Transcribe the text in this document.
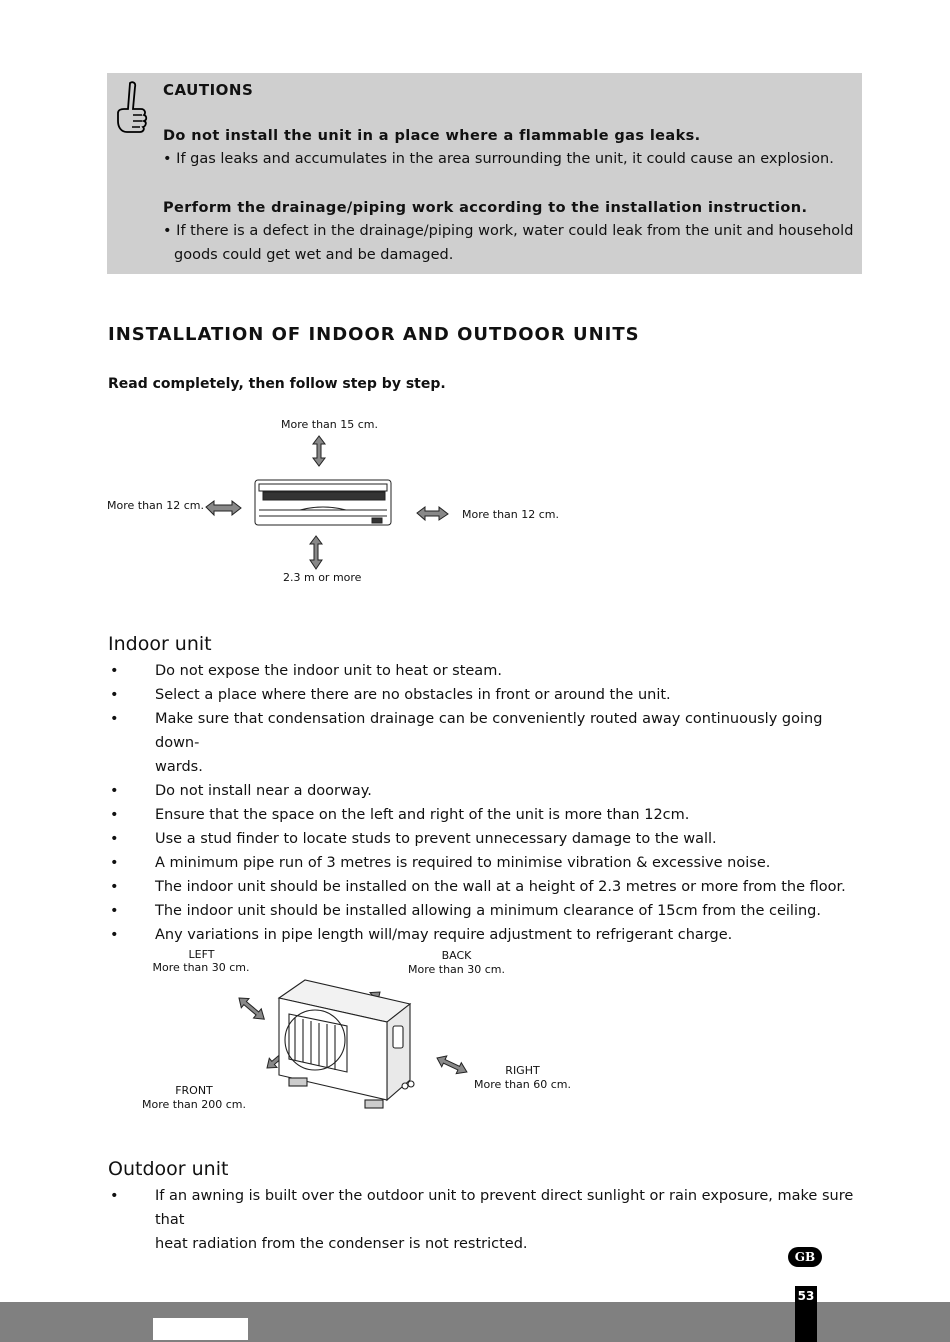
CAUTIONS
Do not install the unit in a place where a flammable gas leaks.
• If gas leaks and accumulates in the area surrounding the unit, it could cause an explosion.
Perform the drainage/piping work according to the installation instruction.
• If there is a defect in the drainage/piping work, water could leak from the unit and household
goods could get wet and be damaged.
INSTALLATION OF INDOOR AND OUTDOOR UNITS
Read completely, then follow step by step.
More than 15 cm.
More than 12 cm.
More than 12 cm.
2.3 m or more
Indoor unit
•	Do not expose the indoor unit to heat or steam.
•	Select a place where there are no obstacles in front or around the unit.
•	Make sure that condensation drainage can be conveniently routed away continuously going down-
wards.
•	Do not install near a doorway.
•	Ensure that the space on the left and right of the unit is more than 12cm.
•	Use a stud finder to locate studs to prevent unnecessary damage to the wall.
•	A minimum pipe run of 3 metres is required to minimise vibration & excessive noise.
•	The indoor unit should be installed on the wall at a height of 2.3 metres or more from the floor.
•	The indoor unit should be installed allowing a minimum clearance of 15cm from the ceiling.
•	Any variations in pipe length will/may require adjustment to refrigerant charge.
LEFT
More than 30 cm.
BACK
More than 30 cm.
RIGHT
More than 60 cm.
FRONT
More than 200 cm.
Outdoor unit
•	If an awning is built over the outdoor unit to prevent direct sunlight or rain exposure, make sure that
heat radiation from the condenser is not restricted.
GB
53
